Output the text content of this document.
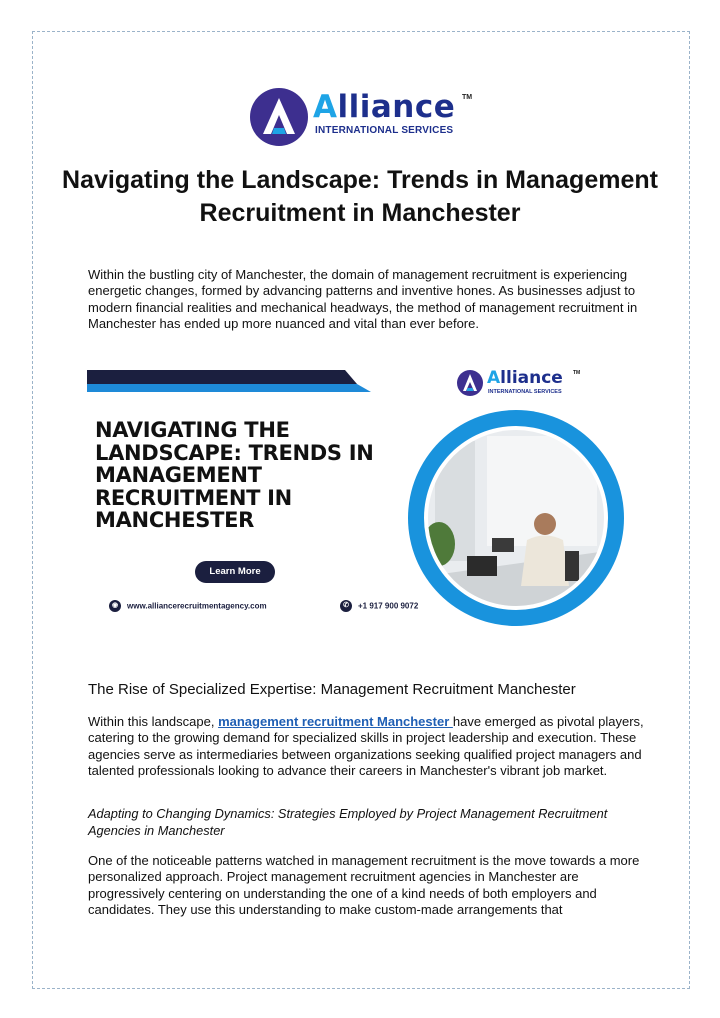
Alliance TM
INTERNATIONAL SERVICES
Navigating the Landscape: Trends in Management Recruitment in Manchester

Within the bustling city of Manchester, the domain of management recruitment is experiencing energetic changes, formed by advancing patterns and inventive hones. As businesses adjust to modern financial realities and mechanical headways, the method of management recruitment in Manchester has ended up more nuanced and vital than ever before.

Alliance TM
INTERNATIONAL SERVICES
NAVIGATING THE LANDSCAPE: TRENDS IN MANAGEMENT RECRUITMENT IN MANCHESTER
Learn More
◉ www.alliancerecruitmentagency.com	✆ +1 917 900 9072
The Rise of Specialized Expertise: Management Recruitment Manchester

Within this landscape, management recruitment Manchester have emerged as pivotal players, catering to the growing demand for specialized skills in project leadership and execution. These agencies serve as intermediaries between organizations seeking qualified project managers and talented professionals looking to advance their careers in Manchester's vibrant job market.

Adapting to Changing Dynamics: Strategies Employed by Project Management Recruitment Agencies in Manchester

One of the noticeable patterns watched in management recruitment is the move towards a more personalized approach. Project management recruitment agencies in Manchester are progressively centering on understanding the one of a kind needs of both employers and candidates. They use this understanding to make custom-made arrangements that
